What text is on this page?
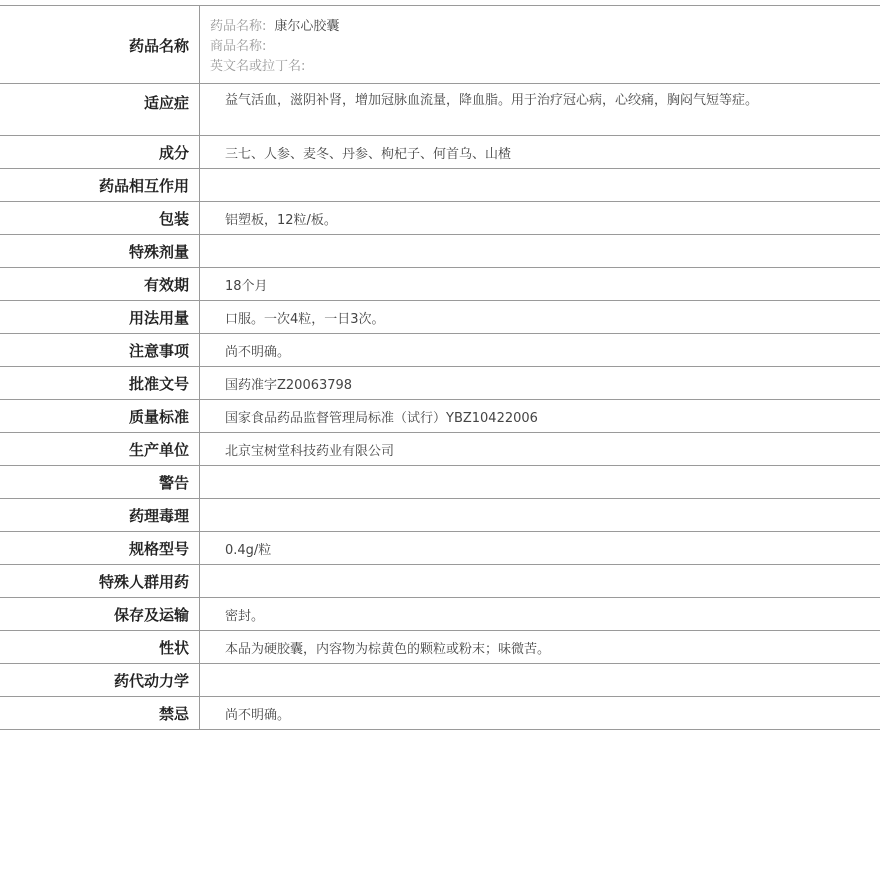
药品名称
药品名称: 康尔心胶囊
商品名称:
英文名或拉丁名:
适应症	益气活血，滋阴补肾，增加冠脉血流量，降血脂。用于治疗冠心病，心绞痛，胸闷气短等症。
成分	三七、人参、麦冬、丹参、枸杞子、何首乌、山楂
药品相互作用
包装	铝塑板，12粒/板。
特殊剂量
有效期	18个月
用法用量	口服。一次4粒，一日3次。
注意事项	尚不明确。
批准文号	国药准字Z20063798
质量标准	国家食品药品监督管理局标准（试行）YBZ10422006
生产单位	北京宝树堂科技药业有限公司
警告
药理毒理
规格型号	0.4g/粒
特殊人群用药
保存及运输	密封。
性状	本品为硬胶囊，内容物为棕黄色的颗粒或粉末；味微苦。
药代动力学
禁忌	尚不明确。
